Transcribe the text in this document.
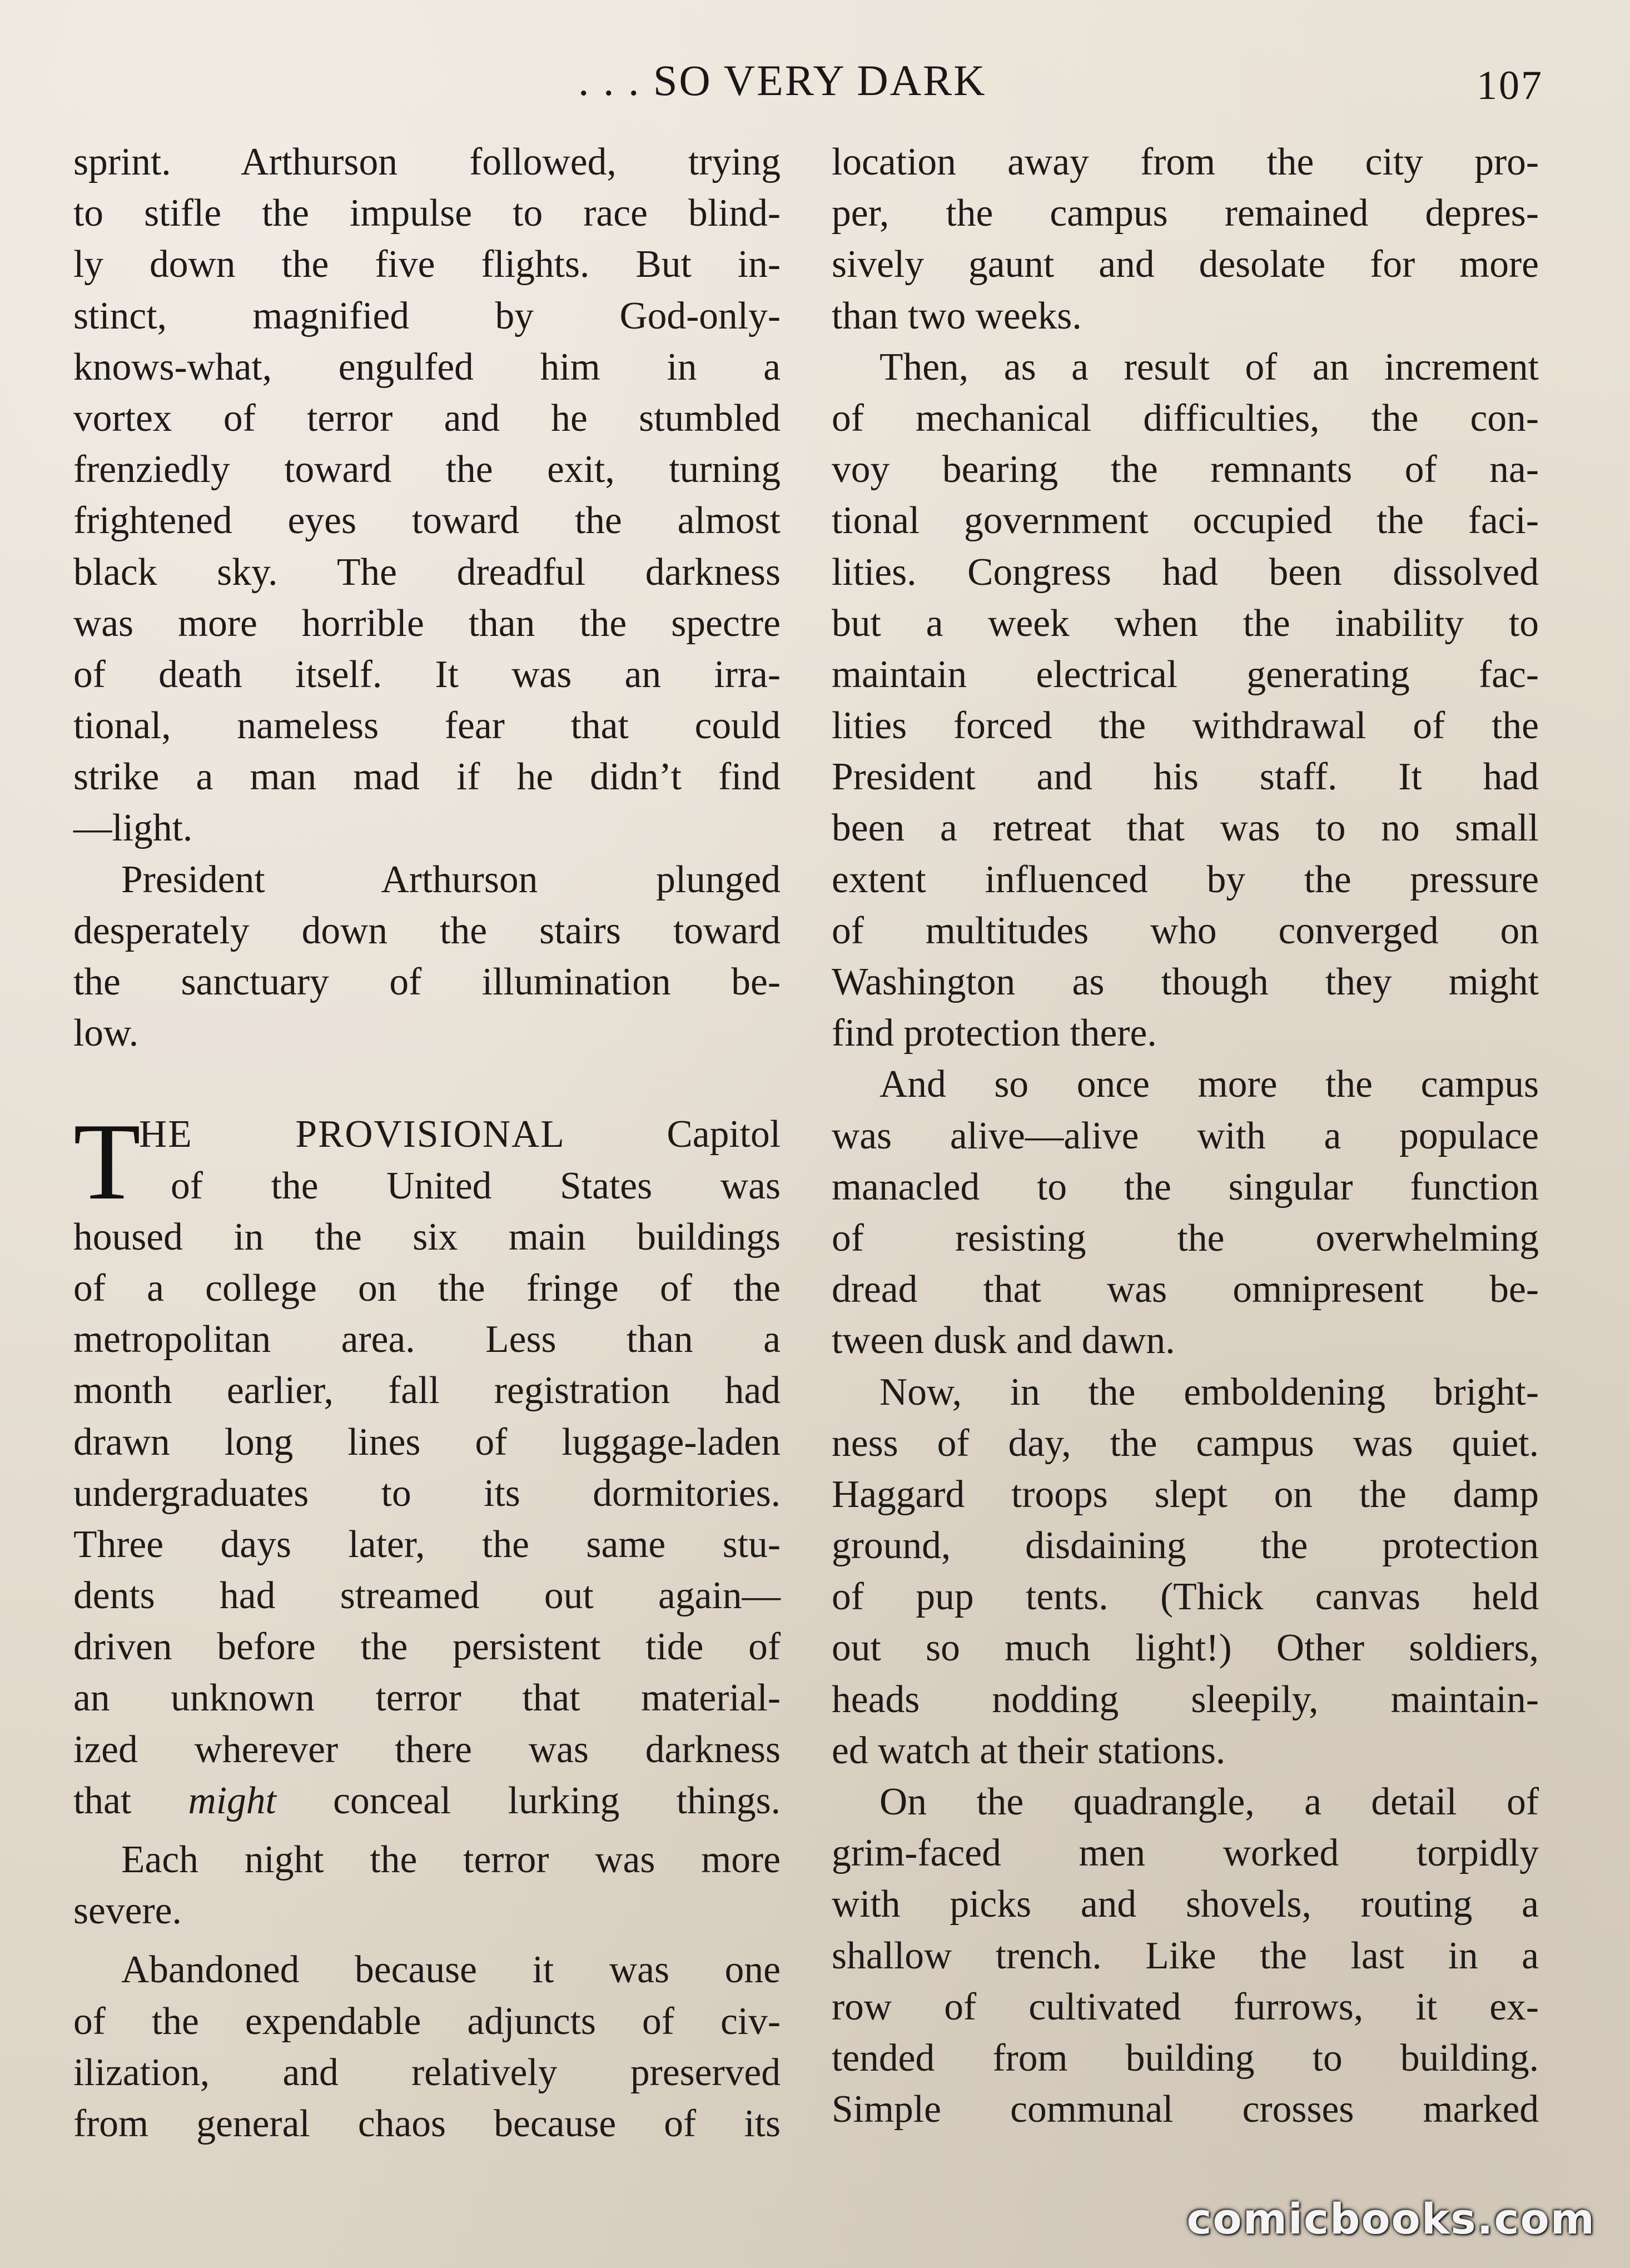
. . . SO VERY DARK	107
sprint. Arthurson followed, trying
to stifle the impulse to race blind-
ly down the five flights. But in-
stinct, magnified by God-only-
knows-what, engulfed him in a
vortex of terror and he stumbled
frenziedly toward the exit, turning
frightened eyes toward the almost
black sky. The dreadful darkness
was more horrible than the spectre
of death itself. It was an irra-
tional, nameless fear that could
strike a man mad if he didn’t find
—light.
President Arthurson plunged
desperately down the stairs toward
the sanctuary of illumination be-
low.
T
HE PROVISIONAL	Capitol
of the United States was
housed in the six main buildings
of a college on the fringe of the
metropolitan area. Less than a
month earlier, fall registration had
drawn long lines of luggage-laden
undergraduates to its dormitories.
Three days later, the same stu-
dents had streamed out again—
driven before the persistent tide of
an unknown terror that material-
ized wherever there was darkness
that might conceal lurking things.
Each night the terror was more
severe.
Abandoned because it was one
of the expendable adjuncts of civ-
ilization, and relatively preserved
from general chaos because of its
location away from the city pro-
per, the campus remained depres-
sively gaunt and desolate for more
than two weeks.
Then, as a result of an increment
of mechanical difficulties, the con-
voy bearing the remnants of na-
tional government occupied the faci-
lities. Congress had been dissolved
but a week when the inability to
maintain electrical generating fac-
lities forced the withdrawal of the
President and his staff. It had
been a retreat that was to no small
extent influenced by the pressure
of multitudes who converged on
Washington as though they might
find protection there.
And so once more the campus
was alive—alive with a populace
manacled to the singular function
of resisting the overwhelming
dread that was omnipresent be-
tween dusk and dawn.
Now, in the emboldening bright-
ness of day, the campus was quiet.
Haggard troops slept on the damp
ground, disdaining the protection
of pup tents. (Thick canvas held
out so much light!) Other soldiers,
heads nodding sleepily, maintain-
ed watch at their stations.
On the quadrangle, a detail of
grim-faced men worked torpidly
with picks and shovels, routing a
shallow trench. Like the last in a
row of cultivated furrows, it ex-
tended from building to building.
Simple communal crosses marked
comicbooks.com
